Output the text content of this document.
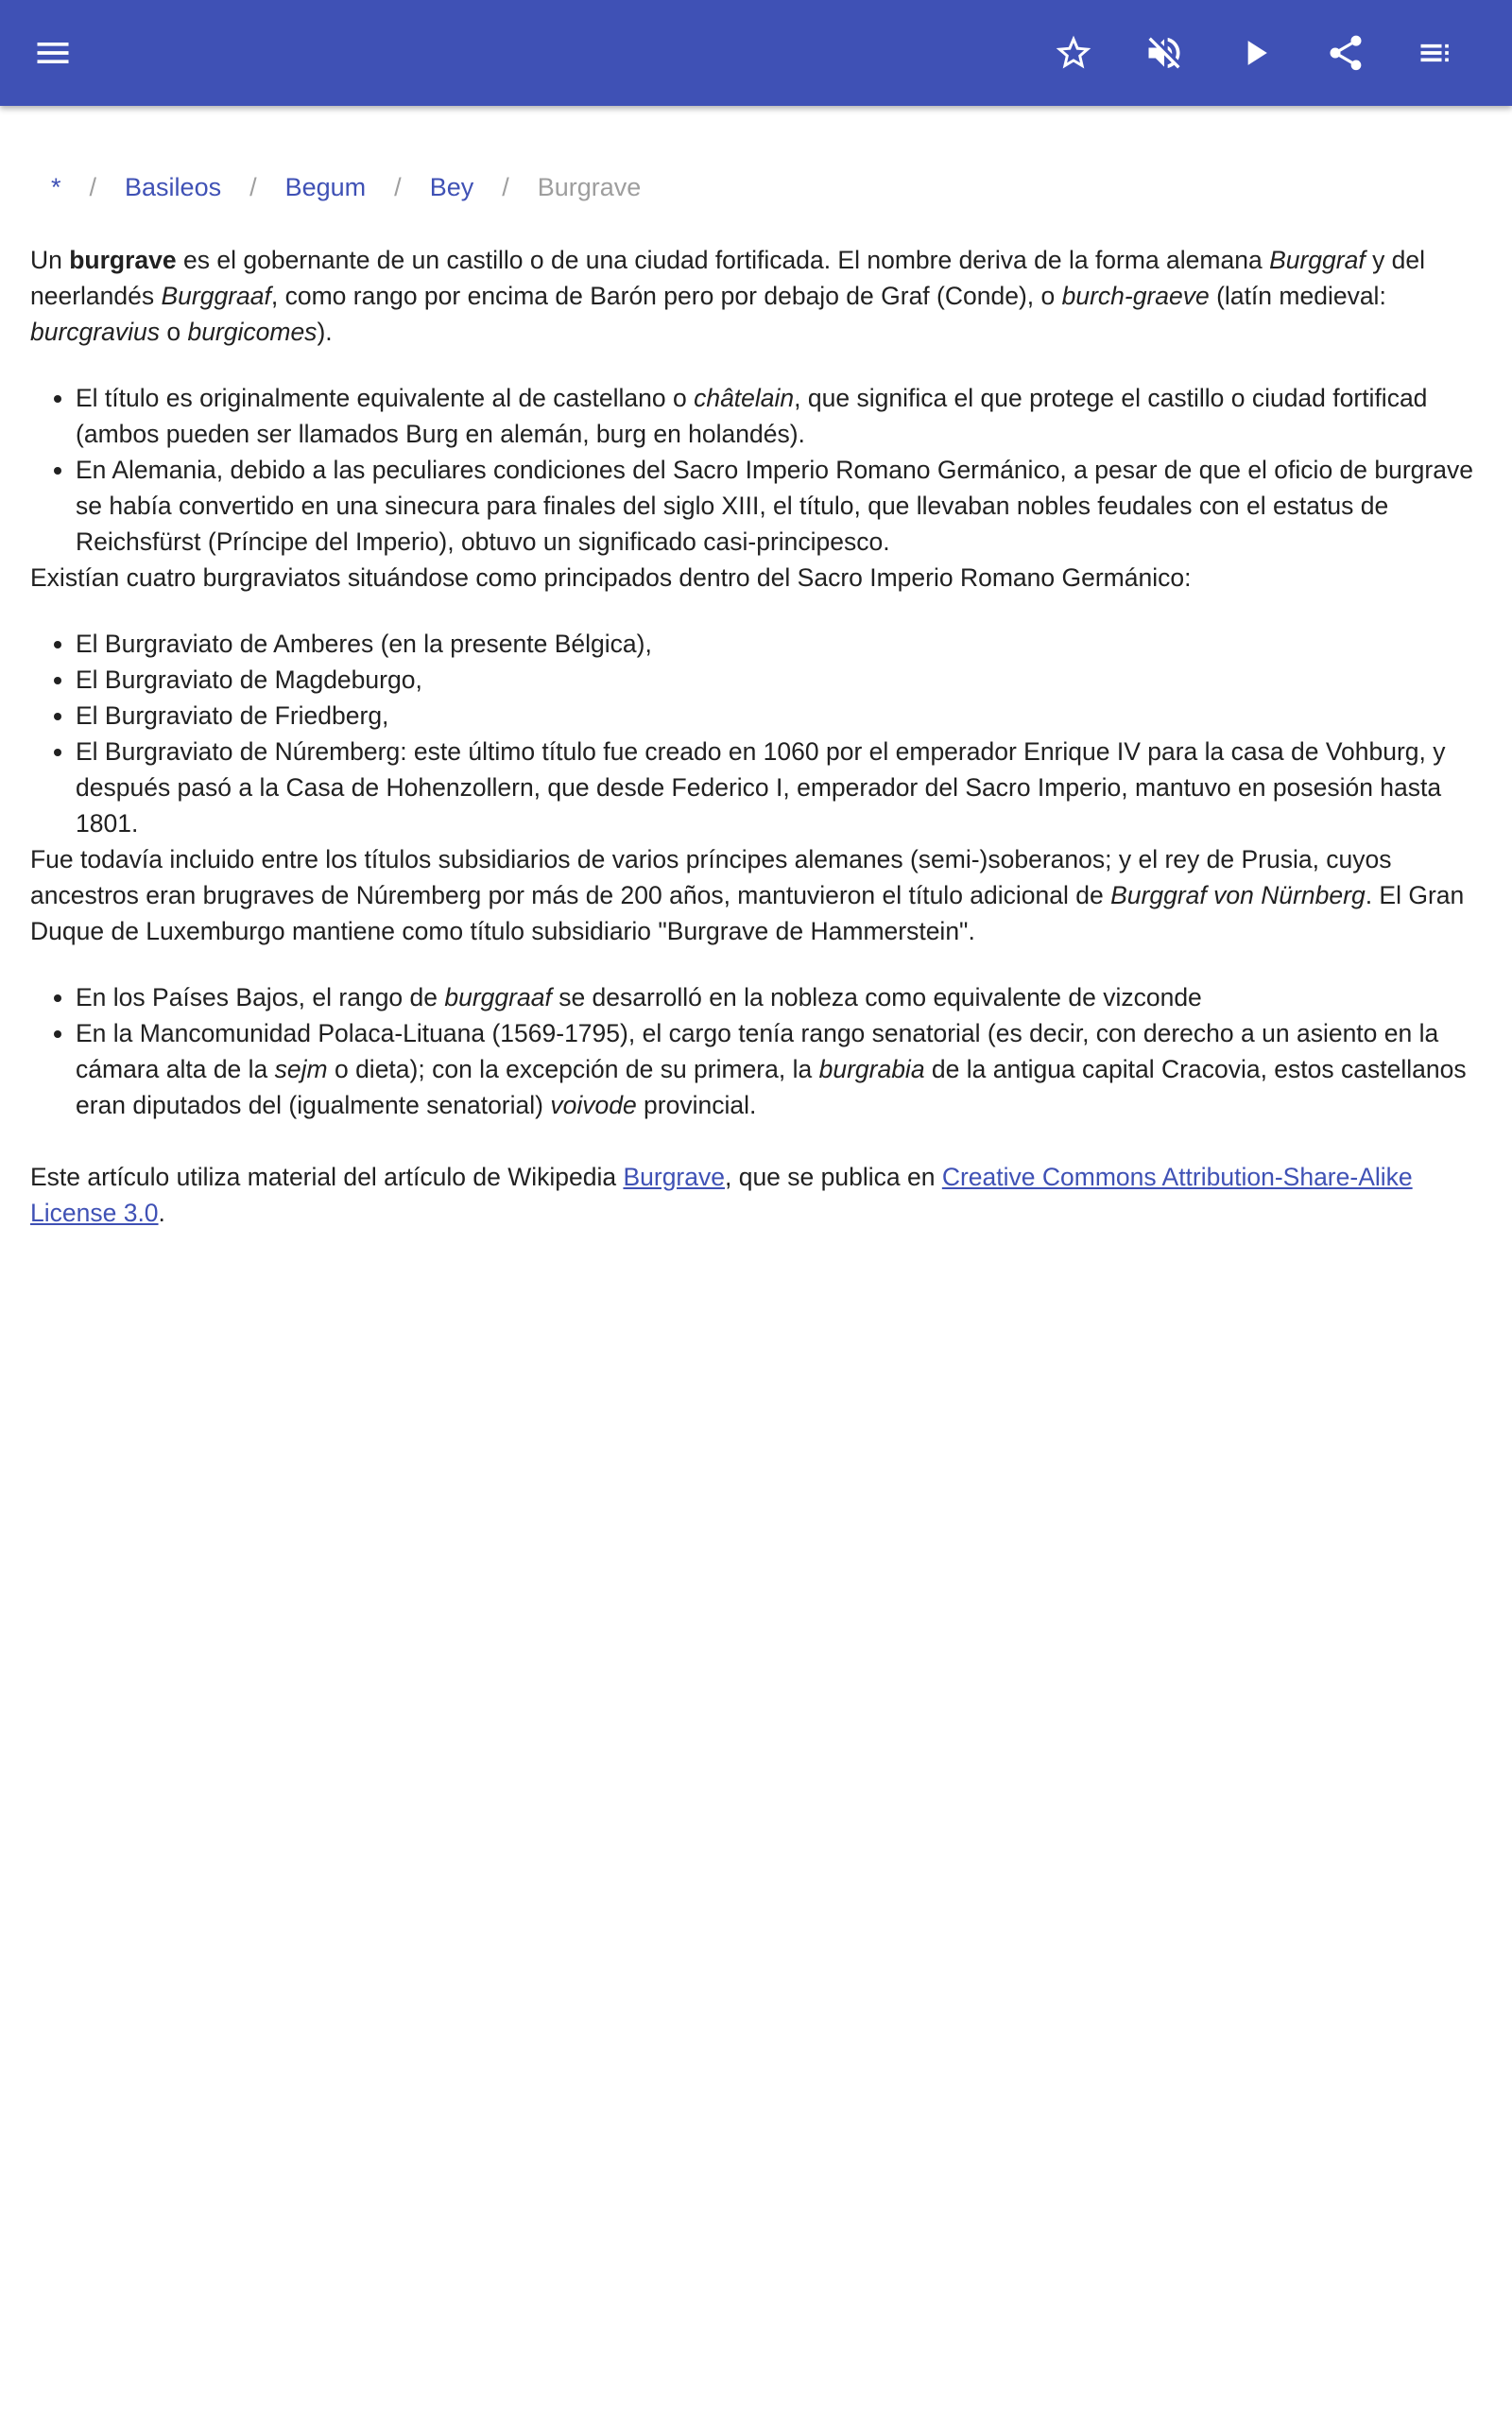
* / Basileos / Begum / Bey / Burgrave

Un burgrave es el gobernante de un castillo o de una ciudad fortificada. El nombre deriva de la forma alemana Burggraf y del neerlandés Burggraaf, como rango por encima de Barón pero por debajo de Graf (Conde), o burch-graeve (latín medieval: burcgravius o burgicomes).

• El título es originalmente equivalente al de castellano o châtelain, que significa el que protege el castillo o ciudad fortificad (ambos pueden ser llamados Burg en alemán, burg en holandés).
• En Alemania, debido a las peculiares condiciones del Sacro Imperio Romano Germánico, a pesar de que el oficio de burgrave se había convertido en una sinecura para finales del siglo XIII, el título, que llevaban nobles feudales con el estatus de Reichsfürst (Príncipe del Imperio), obtuvo un significado casi-principesco.

Existían cuatro burgraviatos situándose como principados dentro del Sacro Imperio Romano Germánico:

• El Burgraviato de Amberes (en la presente Bélgica),
• El Burgraviato de Magdeburgo,
• El Burgraviato de Friedberg,
• El Burgraviato de Núremberg: este último título fue creado en 1060 por el emperador Enrique IV para la casa de Vohburg, y después pasó a la Casa de Hohenzollern, que desde Federico I, emperador del Sacro Imperio, mantuvo en posesión hasta 1801.

Fue todavía incluido entre los títulos subsidiarios de varios príncipes alemanes (semi-)soberanos; y el rey de Prusia, cuyos ancestros eran brugraves de Núremberg por más de 200 años, mantuvieron el título adicional de Burggraf von Nürnberg. El Gran Duque de Luxemburgo mantiene como título subsidiario "Burgrave de Hammerstein".

• En los Países Bajos, el rango de burggraaf se desarrolló en la nobleza como equivalente de vizconde
• En la Mancomunidad Polaca-Lituana (1569-1795), el cargo tenía rango senatorial (es decir, con derecho a un asiento en la cámara alta de la sejm o dieta); con la excepción de su primera, la burgrabia de la antigua capital Cracovia, estos castellanos eran diputados del (igualmente senatorial) voivode provincial.

Este artículo utiliza material del artículo de Wikipedia Burgrave, que se publica en Creative Commons Attribution-Share-Alike License 3.0.
